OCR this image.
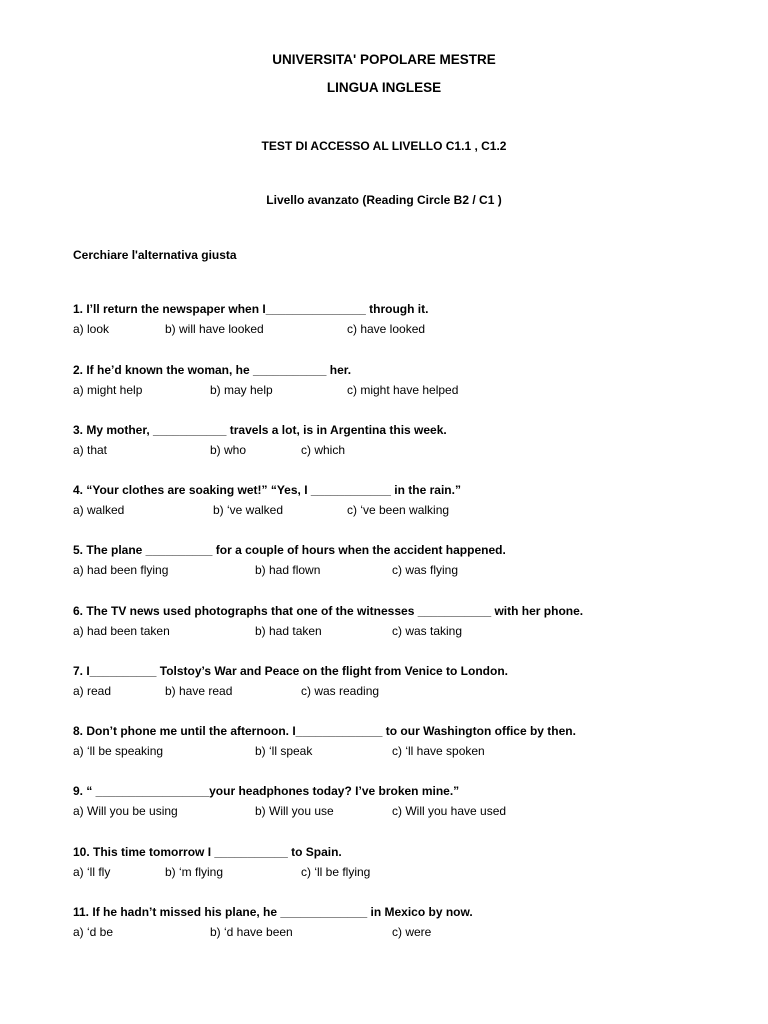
UNIVERSITA' POPOLARE MESTRE
LINGUA INGLESE
TEST DI ACCESSO AL LIVELLO C1.1 , C1.2
Livello avanzato (Reading Circle B2 / C1 )
Cerchiare l'alternativa giusta
1. I’ll return the newspaper when I_______________ through it.
a) look	b) will have looked	c) have looked
2. If he’d known the woman, he ___________ her.
a) might help	b) may help	c) might have helped
3. My mother, ___________ travels a lot, is in Argentina this week.
a) that	b) who	c) which
4. “Your clothes are soaking wet!” “Yes, I ____________ in the rain.”
a) walked	b) ‘ve walked	c) ‘ve been walking
5. The plane __________ for a couple of hours when the accident happened.
a) had been flying	b) had flown	c) was flying
6. The TV news used photographs that one of the witnesses ___________ with her phone.
a) had been taken	b) had taken	c) was taking
7. I__________ Tolstoy’s War and Peace on the flight from Venice to London.
a) read	b) have read	c) was reading
8. Don’t phone me until the afternoon. I_____________ to our Washington office by then.
a) ‘ll be speaking	b) ‘ll speak	c) ‘ll have spoken
9. “ _________________your headphones today? I’ve broken mine.”
a) Will you be using	b) Will you use	c) Will you have used
10. This time tomorrow I ___________ to Spain.
a) ‘ll fly	b) ‘m flying	c) ‘ll be flying
11. If he hadn’t missed his plane, he _____________ in Mexico by now.
a) ‘d be	b) ‘d have been	c) were
